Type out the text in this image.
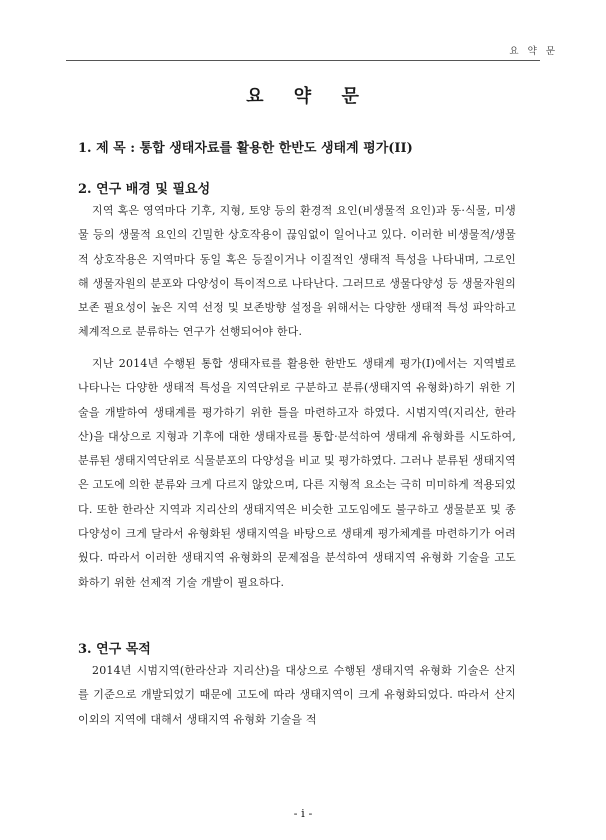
요 약 문
요 약 문
1. 제 목 : 통합 생태자료를 활용한 한반도 생태계 평가(II)
2. 연구 배경 및 필요성

지역 혹은 영역마다 기후, 지형, 토양 등의 환경적 요인(비생물적 요인)과 동·식물, 미생물 등의 생물적 요인의 긴밀한 상호작용이 끊임없이 일어나고 있다. 이러한 비생물적/생물적 상호작용은 지역마다 동일 혹은 등질이거나 이질적인 생태적 특성을 나타내며, 그로인해 생물자원의 분포와 다양성이 특이적으로 나타난다. 그러므로 생물다양성 등 생물자원의 보존 필요성이 높은 지역 선정 및 보존방향 설정을 위해서는 다양한 생태적 특성 파악하고 체계적으로 분류하는 연구가 선행되어야 한다.

지난 2014년 수행된 통합 생태자료를 활용한 한반도 생태계 평가(I)에서는 지역별로 나타나는 다양한 생태적 특성을 지역단위로 구분하고 분류(생태지역 유형화)하기 위한 기술을 개발하여 생태계를 평가하기 위한 틀을 마련하고자 하였다. 시범지역(지리산, 한라산)을 대상으로 지형과 기후에 대한 생태자료를 통합·분석하여 생태계 유형화를 시도하여, 분류된 생태지역단위로 식물분포의 다양성을 비교 및 평가하였다. 그러나 분류된 생태지역은 고도에 의한 분류와 크게 다르지 않았으며, 다른 지형적 요소는 극히 미미하게 적용되었다. 또한 한라산 지역과 지리산의 생태지역은 비슷한 고도임에도 불구하고 생물분포 및 종 다양성이 크게 달라서 유형화된 생태지역을 바탕으로 생태계 평가체계를 마련하기가 어려웠다. 따라서 이러한 생태지역 유형화의 문제점을 분석하여 생태지역 유형화 기술을 고도화하기 위한 선제적 기술 개발이 필요하다.

3. 연구 목적

2014년 시범지역(한라산과 지리산)을 대상으로 수행된 생태지역 유형화 기술은 산지를 기준으로 개발되었기 때문에 고도에 따라 생태지역이 크게 유형화되었다. 따라서 산지 이외의 지역에 대해서 생태지역 유형화 기술을 적

- i -
